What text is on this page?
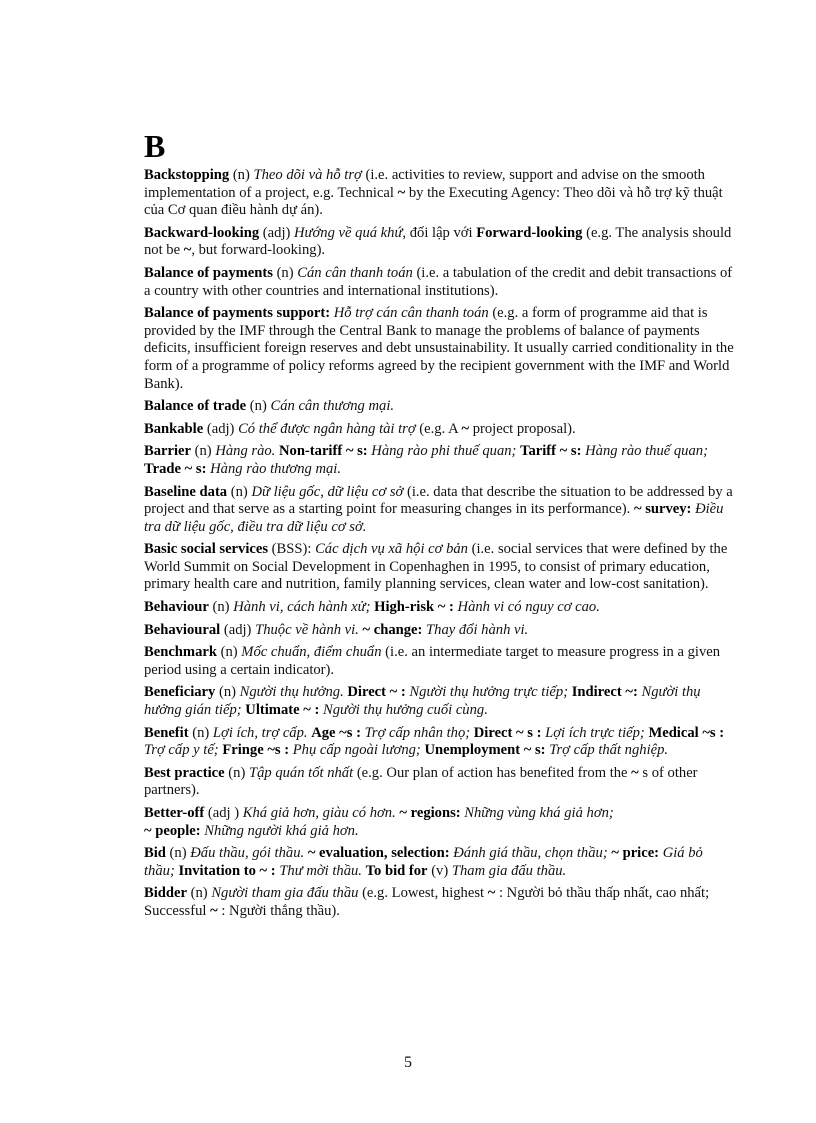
B

Backstopping (n) Theo dõi và hỗ trợ (i.e. activities to review, support and advise on the smooth implementation of a project, e.g. Technical ~ by the Executing Agency: Theo dõi và hỗ trợ kỹ thuật của Cơ quan điều hành dự án).

Backward-looking (adj) Hướng về quá khứ, đối lập với Forward-looking (e.g. The analysis should not be ~, but forward-looking).

Balance of payments (n) Cán cân thanh toán (i.e. a tabulation of the credit and debit transactions of a country with other countries and international institutions).

Balance of payments support: Hỗ trợ cán cân thanh toán (e.g. a form of programme aid that is provided by the IMF through the Central Bank to manage the problems of balance of payments deficits, insufficient foreign reserves and debt unsustainability. It usually carried conditionality in the form of a programme of policy reforms agreed by the recipient government with the IMF and World Bank).

Balance of trade (n) Cán cân thương mại.

Bankable (adj) Có thể được ngân hàng tài trợ (e.g. A ~ project proposal).

Barrier (n) Hàng rào. Non-tariff ~ s: Hàng rào phi thuế quan; Tariff ~ s: Hàng rào thuế quan; Trade ~ s: Hàng rào thương mại.

Baseline data (n) Dữ liệu gốc, dữ liệu cơ sở (i.e. data that describe the situation to be addressed by a project and that serve as a starting point for measuring changes in its performance). ~ survey: Điều tra dữ liệu gốc, điều tra dữ liệu cơ sở.

Basic social services (BSS): Các dịch vụ xã hội cơ bản (i.e. social services that were defined by the World Summit on Social Development in Copenhaghen in 1995, to consist of primary education, primary health care and nutrition, family planning services, clean water and low-cost sanitation).

Behaviour (n) Hành vi, cách hành xử; High-risk ~ : Hành vi có nguy cơ cao.

Behavioural (adj) Thuộc về hành vi. ~ change: Thay đổi hành vi.

Benchmark (n) Mốc chuẩn, điểm chuẩn (i.e. an intermediate target to measure progress in a given period using a certain indicator).

Beneficiary (n) Người thụ hưởng. Direct ~ : Người thụ hưởng trực tiếp; Indirect ~: Người thụ hưởng gián tiếp; Ultimate ~ : Người thụ hưởng cuối cùng.

Benefit (n) Lợi ích, trợ cấp. Age ~s : Trợ cấp nhân thọ; Direct ~ s : Lợi ích trực tiếp; Medical ~s : Trợ cấp y tế; Fringe ~s : Phụ cấp ngoài lương; Unemployment ~ s: Trợ cấp thất nghiệp.

Best practice (n) Tập quán tốt nhất (e.g. Our plan of action has benefited from the ~ s of other partners).

Better-off (adj ) Khá giả hơn, giàu có hơn. ~ regions: Những vùng khá giả hơn;
~ people: Những người khá giả hơn.

Bid (n) Đấu thầu, gói thầu. ~ evaluation, selection: Đánh giá thầu, chọn thầu; ~ price: Giá bỏ thầu; Invitation to ~ : Thư mời thầu. To bid for (v) Tham gia đấu thầu.

Bidder (n) Người tham gia đấu thầu (e.g. Lowest, highest ~ : Người bỏ thầu thấp nhất, cao nhất; Successful ~ : Người thắng thầu).

5
